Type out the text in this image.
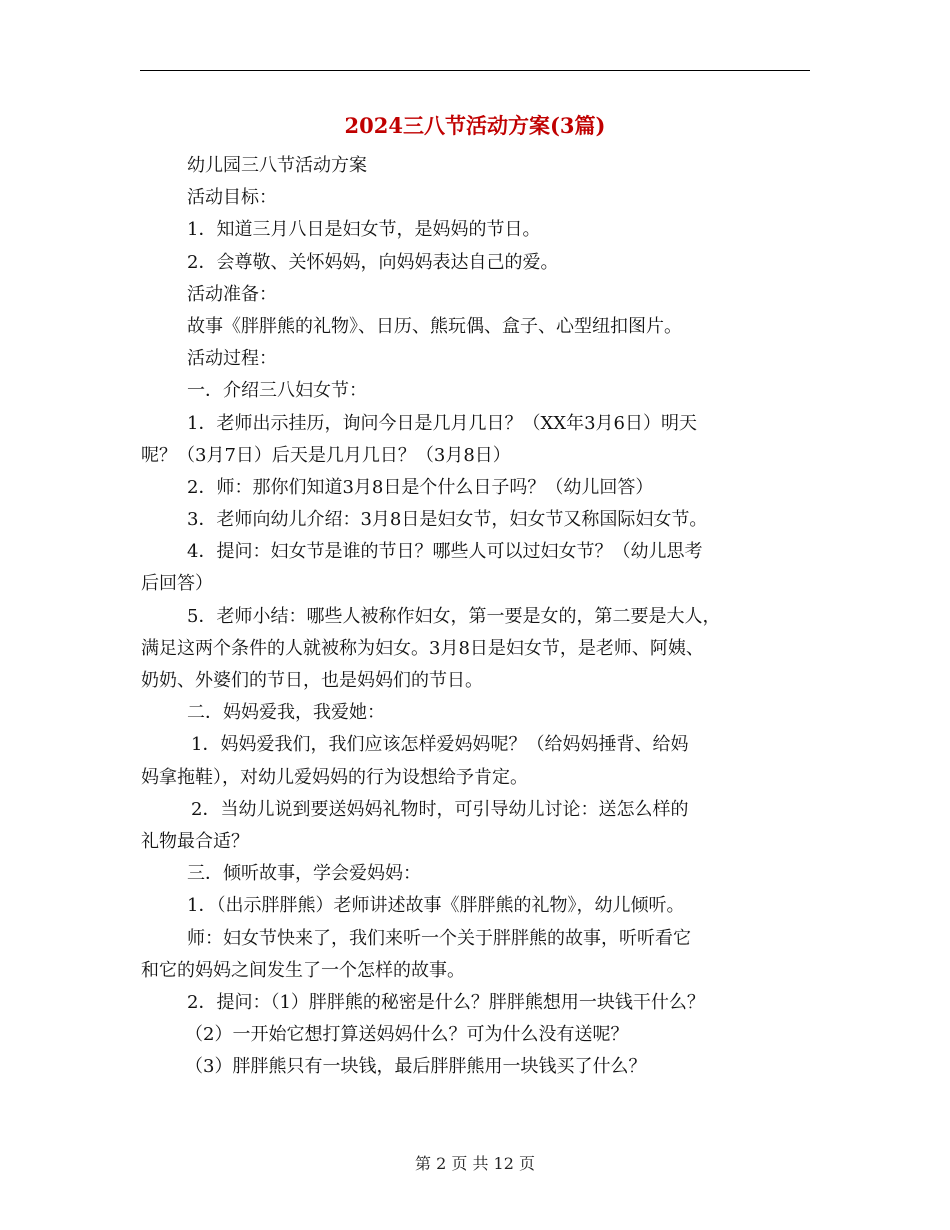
2024三八节活动方案(3篇)
幼儿园三八节活动方案
活动目标：
1．知道三月八日是妇女节，是妈妈的节日。
2．会尊敬、关怀妈妈，向妈妈表达自己的爱。
活动准备：
故事《胖胖熊的礼物》、日历、熊玩偶、盒子、心型纽扣图片。
活动过程：
一．介绍三八妇女节：
1．老师出示挂历，询问今日是几月几日？（XX年3月6日）明天
呢？（3月7日）后天是几月几日？（3月8日）
2．师：那你们知道3月8日是个什么日子吗？（幼儿回答）
3．老师向幼儿介绍：3月8日是妇女节，妇女节又称国际妇女节。
4．提问：妇女节是谁的节日？哪些人可以过妇女节？（幼儿思考
后回答）
5．老师小结：哪些人被称作妇女，第一要是女的，第二要是大人，
满足这两个条件的人就被称为妇女。3月8日是妇女节，是老师、阿姨、
奶奶、外婆们的节日，也是妈妈们的节日。
二．妈妈爱我，我爱她：
1．妈妈爱我们，我们应该怎样爱妈妈呢？（给妈妈捶背、给妈
妈拿拖鞋），对幼儿爱妈妈的行为设想给予肯定。
2．当幼儿说到要送妈妈礼物时，可引导幼儿讨论：送怎么样的
礼物最合适？
三．倾听故事，学会爱妈妈：
1．（出示胖胖熊）老师讲述故事《胖胖熊的礼物》，幼儿倾听。
师：妇女节快来了，我们来听一个关于胖胖熊的故事，听听看它
和它的妈妈之间发生了一个怎样的故事。
2．提问：（1）胖胖熊的秘密是什么？胖胖熊想用一块钱干什么？
（2）一开始它想打算送妈妈什么？可为什么没有送呢？
（3）胖胖熊只有一块钱，最后胖胖熊用一块钱买了什么？
第 2 页 共 12 页
